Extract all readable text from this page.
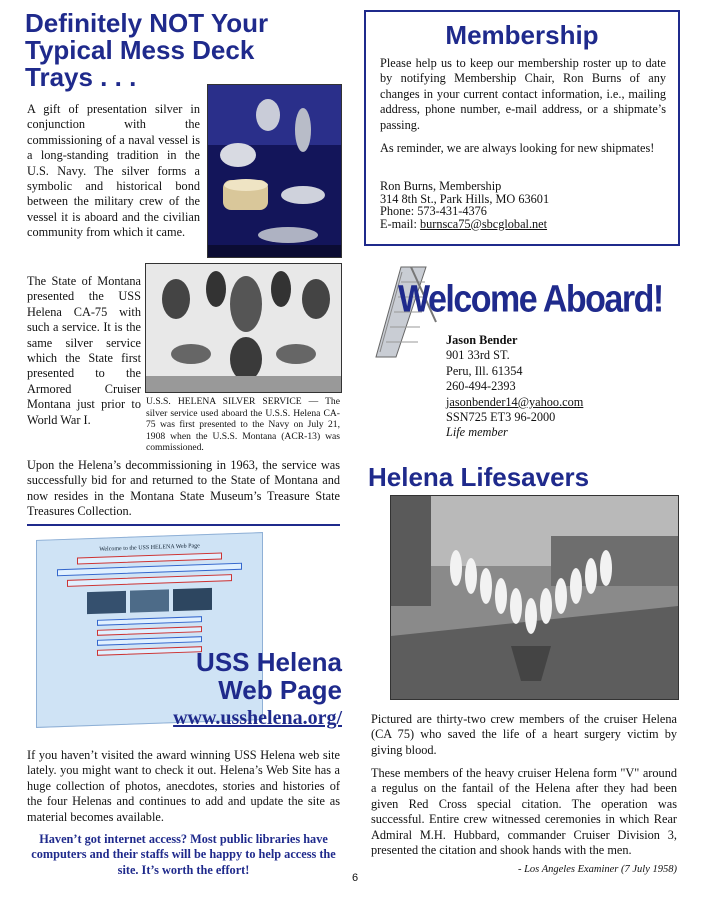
Definitely NOT Your
Typical Mess Deck
Trays . . .
A gift of presentation silver in conjunction with the commissioning of a naval vessel is a long-standing tradition in the U.S. Navy. The silver forms a symbolic and historical bond between the military crew of the vessel it is aboard and the civilian community from which it came.
The State of Montana presented the USS Helena CA-75 with such a service. It is the same silver service which the State first presented to the Armored Cruiser Montana just prior to World War I.
U.S.S. HELENA SILVER SERVICE — The silver service used aboard the U.S.S. Helena CA-75 was first presented to the Navy on July 21, 1908 when the U.S.S. Montana (ACR-13) was commissioned.
Upon the Helena’s decommissioning in 1963, the service was successfully bid for and returned to the State of Montana and now resides in the Montana State Museum’s Treasure State Treasures Collection.
Welcome to the USS HELENA Web Page
USS Helena
Web Page
www.usshelena.org/
If you haven’t visited the award winning USS Helena web site lately. you might want to check it out. Helena’s Web Site has a huge collection of photos, anecdotes, stories and histories of the four Helenas and continues to add and update the site as material becomes available.
Haven’t got internet access? Most public libraries have computers and their staffs will be happy to help access the site. It’s worth the effort!
Membership
Please help us to keep our membership roster up to date by notifying Membership Chair, Ron Burns of any changes in your current contact information, i.e., mailing address, phone number, e-mail address, or a shipmate’s passing.
As reminder, we are always looking for new shipmates!
Ron Burns, Membership
314 8th St., Park Hills, MO 63601
Phone: 573-431-4376
E-mail: burnsca75@sbcglobal.net
Welcome Aboard!
Jason Bender
901 33rd ST.
Peru, Ill. 61354
260-494-2393
jasonbender14@yahoo.com
SSN725 ET3 96-2000
Life member
Helena Lifesavers
Pictured are thirty-two crew members of the cruiser Helena (CA 75) who saved the life of a heart surgery victim by giving blood.
These members of the heavy cruiser Helena form "V" around a regulus on the fantail of the Helena after they had been given Red Cross special citation. The operation was successful. Entire crew witnessed ceremonies in which Rear Admiral M.H. Hubbard, commander Cruiser Division 3, presented the citation and shook hands with the men.
- Los Angeles Examiner (7 July 1958)
6
